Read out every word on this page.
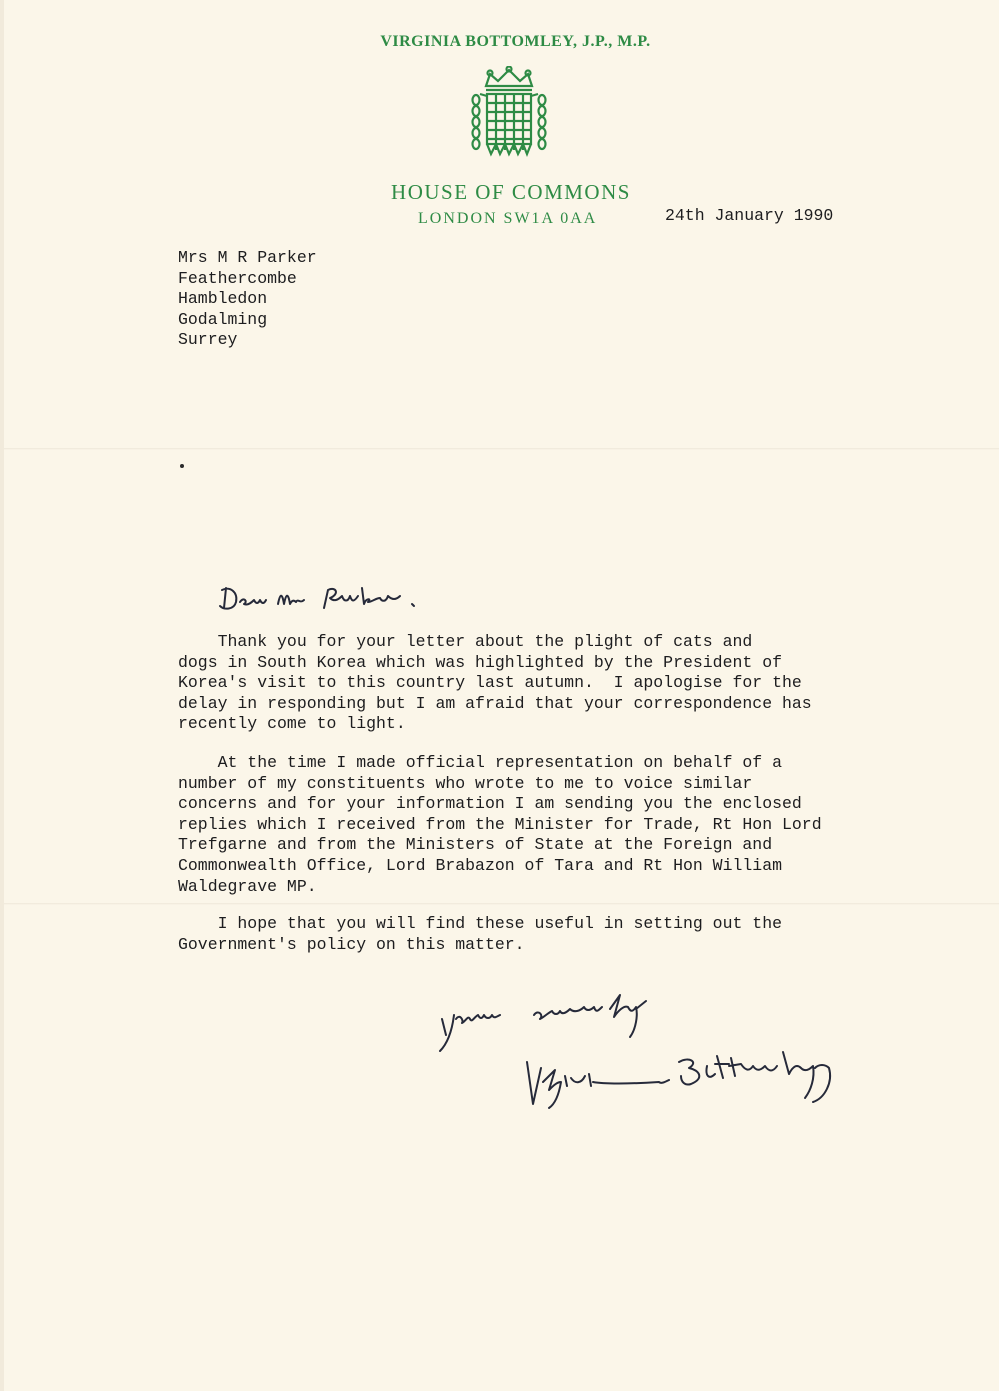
VIRGINIA BOTTOMLEY, J.P., M.P.
HOUSE OF COMMONS
LONDON SW1A 0AA	24th January 1990
Mrs M R Parker
Feathercombe
Hambledon
Godalming
Surrey
Thank you for your letter about the plight of cats and
dogs in South Korea which was highlighted by the President of
Korea's visit to this country last autumn.  I apologise for the
delay in responding but I am afraid that your correspondence has
recently come to light.
At the time I made official representation on behalf of a
number of my constituents who wrote to me to voice similar
concerns and for your information I am sending you the enclosed
replies which I received from the Minister for Trade, Rt Hon Lord
Trefgarne and from the Ministers of State at the Foreign and
Commonwealth Office, Lord Brabazon of Tara and Rt Hon William
Waldegrave MP.
I hope that you will find these useful in setting out the
Government's policy on this matter.
